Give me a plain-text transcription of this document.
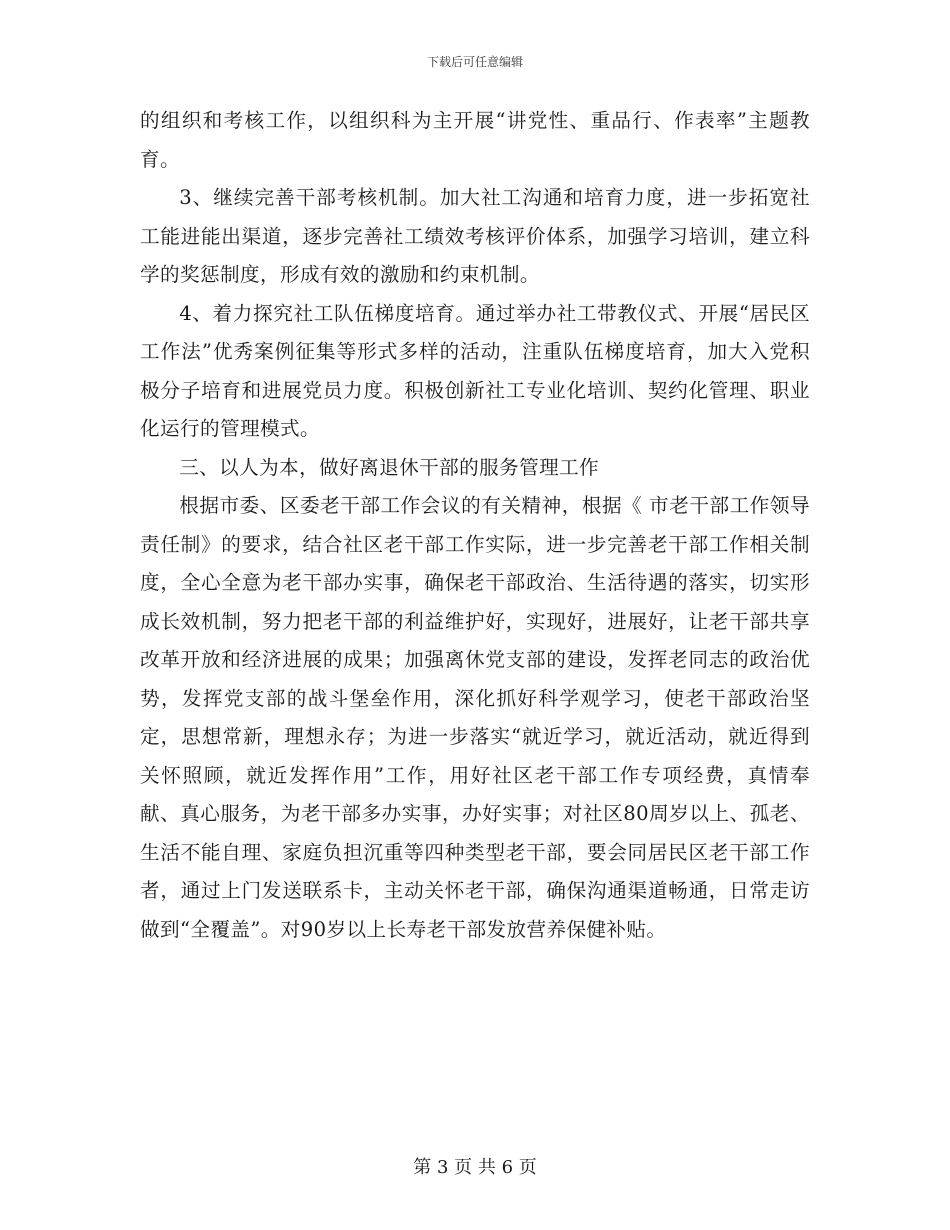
下载后可任意编辑

的组织和考核工作，以组织科为主开展“讲党性、重品行、作表率”主题教育。

3、继续完善干部考核机制。加大社工沟通和培育力度，进一步拓宽社工能进能出渠道，逐步完善社工绩效考核评价体系，加强学习培训，建立科学的奖惩制度，形成有效的激励和约束机制。

4、着力探究社工队伍梯度培育。通过举办社工带教仪式、开展“居民区工作法”优秀案例征集等形式多样的活动，注重队伍梯度培育，加大入党积极分子培育和进展党员力度。积极创新社工专业化培训、契约化管理、职业化运行的管理模式。

三、以人为本，做好离退休干部的服务管理工作

根据市委、区委老干部工作会议的有关精神，根据《 市老干部工作领导责任制》的要求，结合社区老干部工作实际，进一步完善老干部工作相关制度，全心全意为老干部办实事，确保老干部政治、生活待遇的落实，切实形成长效机制，努力把老干部的利益维护好，实现好，进展好，让老干部共享改革开放和经济进展的成果；加强离休党支部的建设，发挥老同志的政治优势，发挥党支部的战斗堡垒作用，深化抓好科学观学习，使老干部政治坚定，思想常新，理想永存；为进一步落实“就近学习，就近活动，就近得到关怀照顾，就近发挥作用”工作，用好社区老干部工作专项经费，真情奉献、真心服务，为老干部多办实事，办好实事；对社区80周岁以上、孤老、生活不能自理、家庭负担沉重等四种类型老干部，要会同居民区老干部工作者，通过上门发送联系卡，主动关怀老干部，确保沟通渠道畅通，日常走访做到“全覆盖”。对90岁以上长寿老干部发放营养保健补贴。

第 3 页 共 6 页
